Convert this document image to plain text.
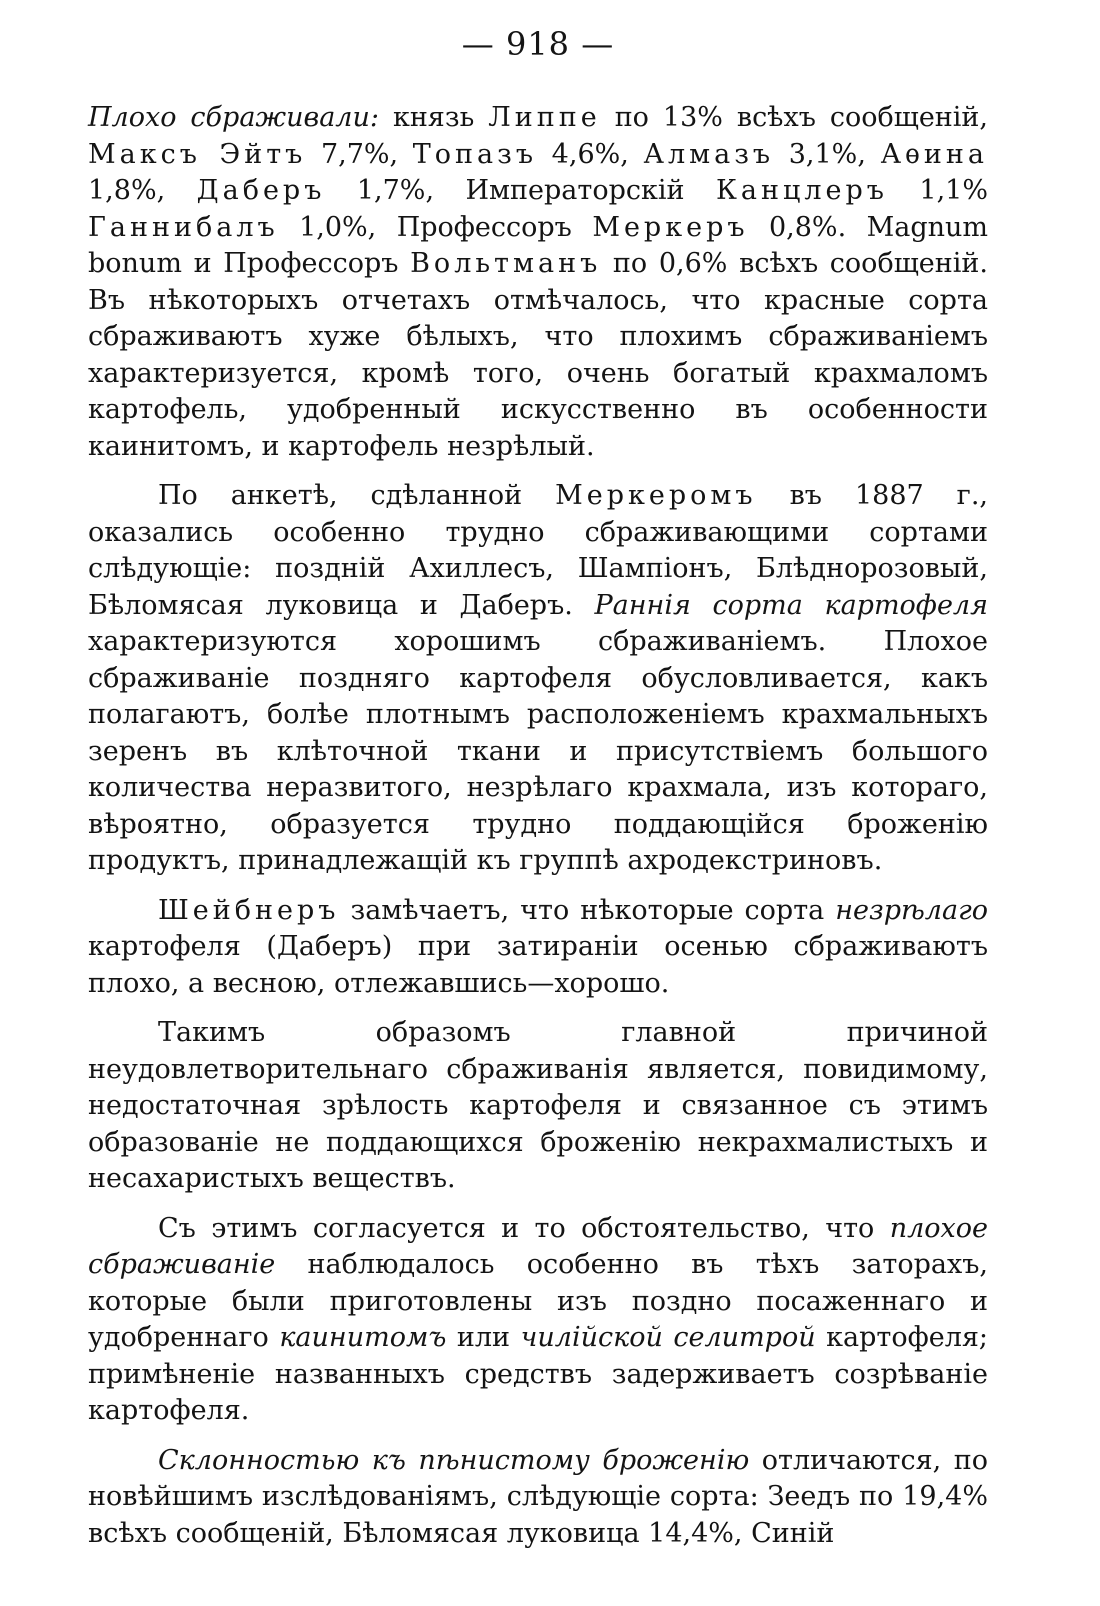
— 918 —

Плохо сбраживали: князь Липпе по 13% всѣхъ сообщеній, Максъ Эйтъ 7,7%, Топазъ 4,6%, Алмазъ 3,1%, Аѳина 1,8%, Даберъ 1,7%, Императорскій Канцлеръ 1,1% Ганнибалъ 1,0%, Профессоръ Меркеръ 0,8%. Magnum bonum и Профессоръ Вольтманъ по 0,6% всѣхъ сообщеній. Въ нѣкоторыхъ отчетахъ отмѣчалось, что красные сорта сбраживаютъ хуже бѣлыхъ, что плохимъ сбраживаніемъ характеризуется, кромѣ того, очень богатый крахмаломъ картофель, удобренный искусственно въ особенности каинитомъ, и картофель незрѣлый.

По анкетѣ, сдѣланной Меркеромъ въ 1887 г., оказались особенно трудно сбраживающими сортами слѣдующіе: поздній Ахиллесъ, Шампіонъ, Блѣднорозовый, Бѣломясая луковица и Даберъ. Раннія сорта картофеля характеризуются хорошимъ сбраживаніемъ. Плохое сбраживаніе поздняго картофеля обусловливается, какъ полагаютъ, болѣе плотнымъ расположеніемъ крахмальныхъ зеренъ въ клѣточной ткани и присутствіемъ большого количества неразвитого, незрѣлаго крахмала, изъ котораго, вѣроятно, образуется трудно поддающійся броженію продуктъ, принадлежащій къ группѣ ахродекстриновъ.

Шейбнеръ замѣчаетъ, что нѣкоторые сорта незрѣлаго картофеля (Даберъ) при затираніи осенью сбраживаютъ плохо, а весною, отлежавшись—хорошо.

Такимъ образомъ главной причиной неудовлетворительнаго сбраживанія является, повидимому, недостаточная зрѣлость картофеля и связанное съ этимъ образованіе не поддающихся броженію некрахмалистыхъ и несахаристыхъ веществъ.

Съ этимъ согласуется и то обстоятельство, что плохое сбраживаніе наблюдалось особенно въ тѣхъ заторахъ, которые были приготовлены изъ поздно посаженнаго и удобреннаго каинитомъ или чилійской селитрой картофеля; примѣненіе названныхъ средствъ задерживаетъ созрѣваніе картофеля.

Склонностью къ пѣнистому броженію отличаются, по новѣйшимъ изслѣдованіямъ, слѣдующіе сорта: Зеедъ по 19,4% всѣхъ сообщеній, Бѣломясая луковица 14,4%, Синій
